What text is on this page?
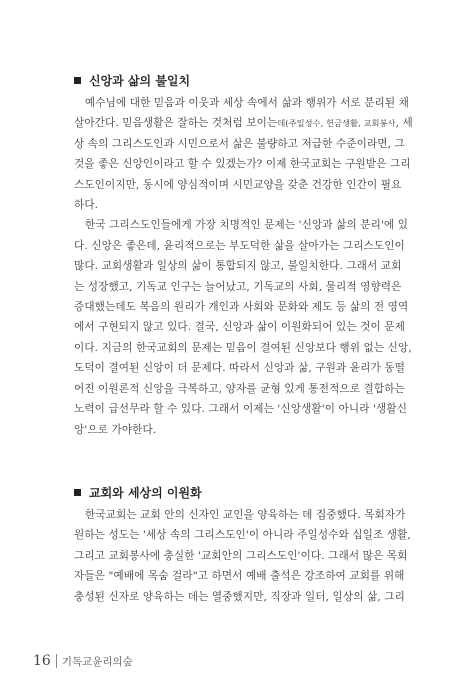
신앙과 삶의 불일치

예수님에 대한 믿음과 이웃과 세상 속에서 삶과 행위가 서로 분리된 채
살아간다. 믿음생활은 잘하는 것처럼 보이는데(주일성수, 헌금생활, 교회봉사, 세
상 속의 그리스도인과 시민으로서 삶은 불량하고 저급한 수준이라면, 그
것을 좋은 신앙인이라고 할 수 있겠는가? 이제 한국교회는 구원받은 그리
스도인이지만, 동시에 양심적이며 시민교양을 갖춘 건강한 인간이 필요
하다.

한국 그리스도인들에게 가장 치명적인 문제는 '신앙과 삶의 분리'에 있
다. 신앙은 좋은데, 윤리적으로는 부도덕한 삶을 살아가는 그리스도인이
많다. 교회생활과 일상의 삶이 통합되지 않고, 불일치한다. 그래서 교회
는 성장했고, 기독교 인구는 늘어났고, 기독교의 사회, 물리적 영향력은
증대했는데도 복음의 원리가 개인과 사회와 문화와 제도 등 삶의 전 영역
에서 구현되지 않고 있다. 결국, 신앙과 삶이 이원화되어 있는 것이 문제
이다. 지금의 한국교회의 문제는 믿음이 결여된 신앙보다 행위 없는 신앙,
도덕이 결여된 신앙이 더 문제다. 따라서 신앙과 삶, 구원과 윤리가 동떨
어진 이원론적 신앙을 극복하고, 양자를 균형 있게 통전적으로 결합하는
노력이 급선무라 할 수 있다. 그래서 이제는 '신앙생활'이 아니라 '생활신
앙'으로 가야한다.

교회와 세상의 이원화

한국교회는 교회 안의 신자인 교인을 양육하는 데 집중했다. 목회자가
원하는 성도는 '세상 속의 그리스도인'이 아니라 주일성수와 십일조 생활,
그리고 교회봉사에 충실한 '교회안의 그리스도인'이다. 그래서 많은 목회
자들은 "예배에 목숨 걸라"고 하면서 예배 출석은 강조하여 교회를 위해
충성된 신자로 양육하는 데는 열중했지만, 직장과 일터, 일상의 삶, 그리

16 기독교윤리의숲
